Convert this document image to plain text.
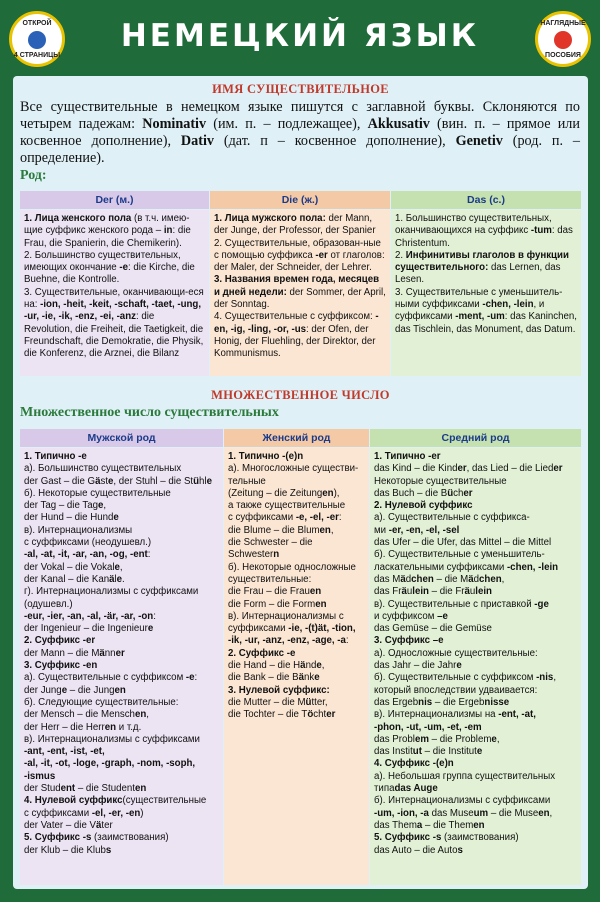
ОТКРОЙ
4 СТРАНИЦЫ
НЕМЕЦКИЙ ЯЗЫК	НАГЛЯДНЫЕ
ПОСОБИЯ
ИМЯ СУЩЕСТВИТЕЛЬНОЕ
Все существительные в немецком языке пишутся с заглавной буквы. Склоняются по четырем падежам: Nominativ (им. п. – подлежащее), Akkusativ (вин. п. – прямое или косвенное дополнение), Dativ (дат. п – косвенное дополнение), Genetiv (род. п. – определение).
Род:
Der (м.)

1. Лица женского пола (в т.ч. имею-щие суффикс женского рода – in: die Frau, die Spanierin, die Chemikerin).

2. Большинство существительных, имеющих окончание -e: die Kirche, die Buehne, die Kontrolle.

3. Существительные, оканчивающи-еся на: -ion, -heit, -keit, -schaft, -taet, -ung, -ur, -ie, -ik, -enz, -ei, -anz: die Revolution, die Freiheit, die Taetigkeit, die Freundschaft, die Demokratie, die Physik, die Konferenz, die Arznei, die Bilanz

Die (ж.)

1. Лица мужского пола: der Mann, der Junge, der Professor, der Spanier

2. Существительные, образован-ные с помощью суффикса -er от глаголов: der Maler, der Schneider, der Lehrer.

3. Названия времен года, месяцев и дней недели: der Sommer, der April, der Sonntag.

4. Существительные с суффиксом: -en, -ig, -ling, -or, -us: der Ofen, der Honig, der Fluehling, der Direktor, der Kommunismus.

Das (с.)

1. Большинство существительных, оканчивающихся на суффикс -tum: das Christentum.

2. Инфинитивы глаголов в функции существительного: das Lernen, das Lesen.

3. Существительные с уменьшитель-ными суффиксами -chen, -lein, и суффиксами -ment, -um: das Kaninchen, das Tischlein, das Monument, das Datum.

МНОЖЕСТВЕННОЕ ЧИСЛО
Множественное число существительных
Мужской род

1. Типично -e

а). Большинство существительных

der Gast – die Gäste, der Stuhl – die Stühle

б). Некоторые существительные

der Tag – die Tage,

der Hund – die Hunde

в). Интернационализмы

с суффиксами (неодушевл.)

-al, -at, -it, -ar, -an, -og, -ent:

der Vokal – die Vokale,

der Kanal – die Kanäle.

г). Интернационализмы с суффиксами

(одушевл.)

-eur, -ier, -an, -al, -är, -ar, -on:

der Ingenieur – die Ingenieure

2. Суффикс -er

der Mann – die Männer

3. Суффикс -en

а). Существительные с суффиксом -e:

der Junge – die Jungen

б). Следующие существительные:

der Mensch – die Menschen,

der Herr – die Herren и т.д.

в). Интернационализмы с суффиксами

-ant, -ent, -ist, -et,

-al, -it, -ot, -loge, -graph, -nom, -soph,

-ismus

der Student – die Studenten

4. Нулевой суффикс(существительные

с суффиксами -el, -er, -en)

der Vater – die Väter

5. Суффикс -s (заимствования)

der Klub – die Klubs

Женский род

1. Типично -(e)n

а). Многосложные существи-

тельные

(Zeitung – die Zeitungen),

а также существительные

с суффиксами -e, -el, -er:

die Blume – die Blumen,

die Schwester – die Schwestern

б). Некоторые односложные

существительные:

die Frau – die Frauen

die Form – die Formen

в). Интернационализмы с

суффиксами -ie, -(t)ät, -tion,

-ik, -ur, -anz, -enz, -age, -a:

2. Суффикс -e

die Hand – die Hände,

die Bank – die Bänke

3. Нулевой суффикс:

die Mutter – die Mütter,

die Tochter – die Töchter

Средний род

1. Типично -er

das Kind – die Kinder, das Lied – die Lieder

Некоторые существительные

das Buch – die Bücher

2. Нулевой суффикс

а). Существительные с суффикса-

ми -er, -en, -el, -sel

das Ufer – die Ufer, das Mittel – die Mittel

б). Существительные с уменьшитель-

ласкательными суффиксами -chen, -lein

das Mädchen – die Mädchen,

das Fräulein – die Fräulein

в). Существительные с приставкой -ge

и суффиксом –e

das Gemüse – die Gemüse

3. Суффикс –e

а). Односложные существительные:

das Jahr – die Jahre

б). Существительные с суффиксом -nis,

который впоследствии удваивается:

das Ergebnis – die Ergebnisse

в). Интернационализмы на -ent, -at,

-phon, -ut, -um, -et, -em

das Problem – die Probleme,

das Institut – die Institute

4. Суффикс -(e)n

а). Небольшая группа существительных

типаdas Auge

б). Интернационализмы с суффиксами

-um, -ion, -a das Museum – die Museen,

das Thema – die Themen

5. Суффикс -s (заимствования)

das Auto – die Autos
